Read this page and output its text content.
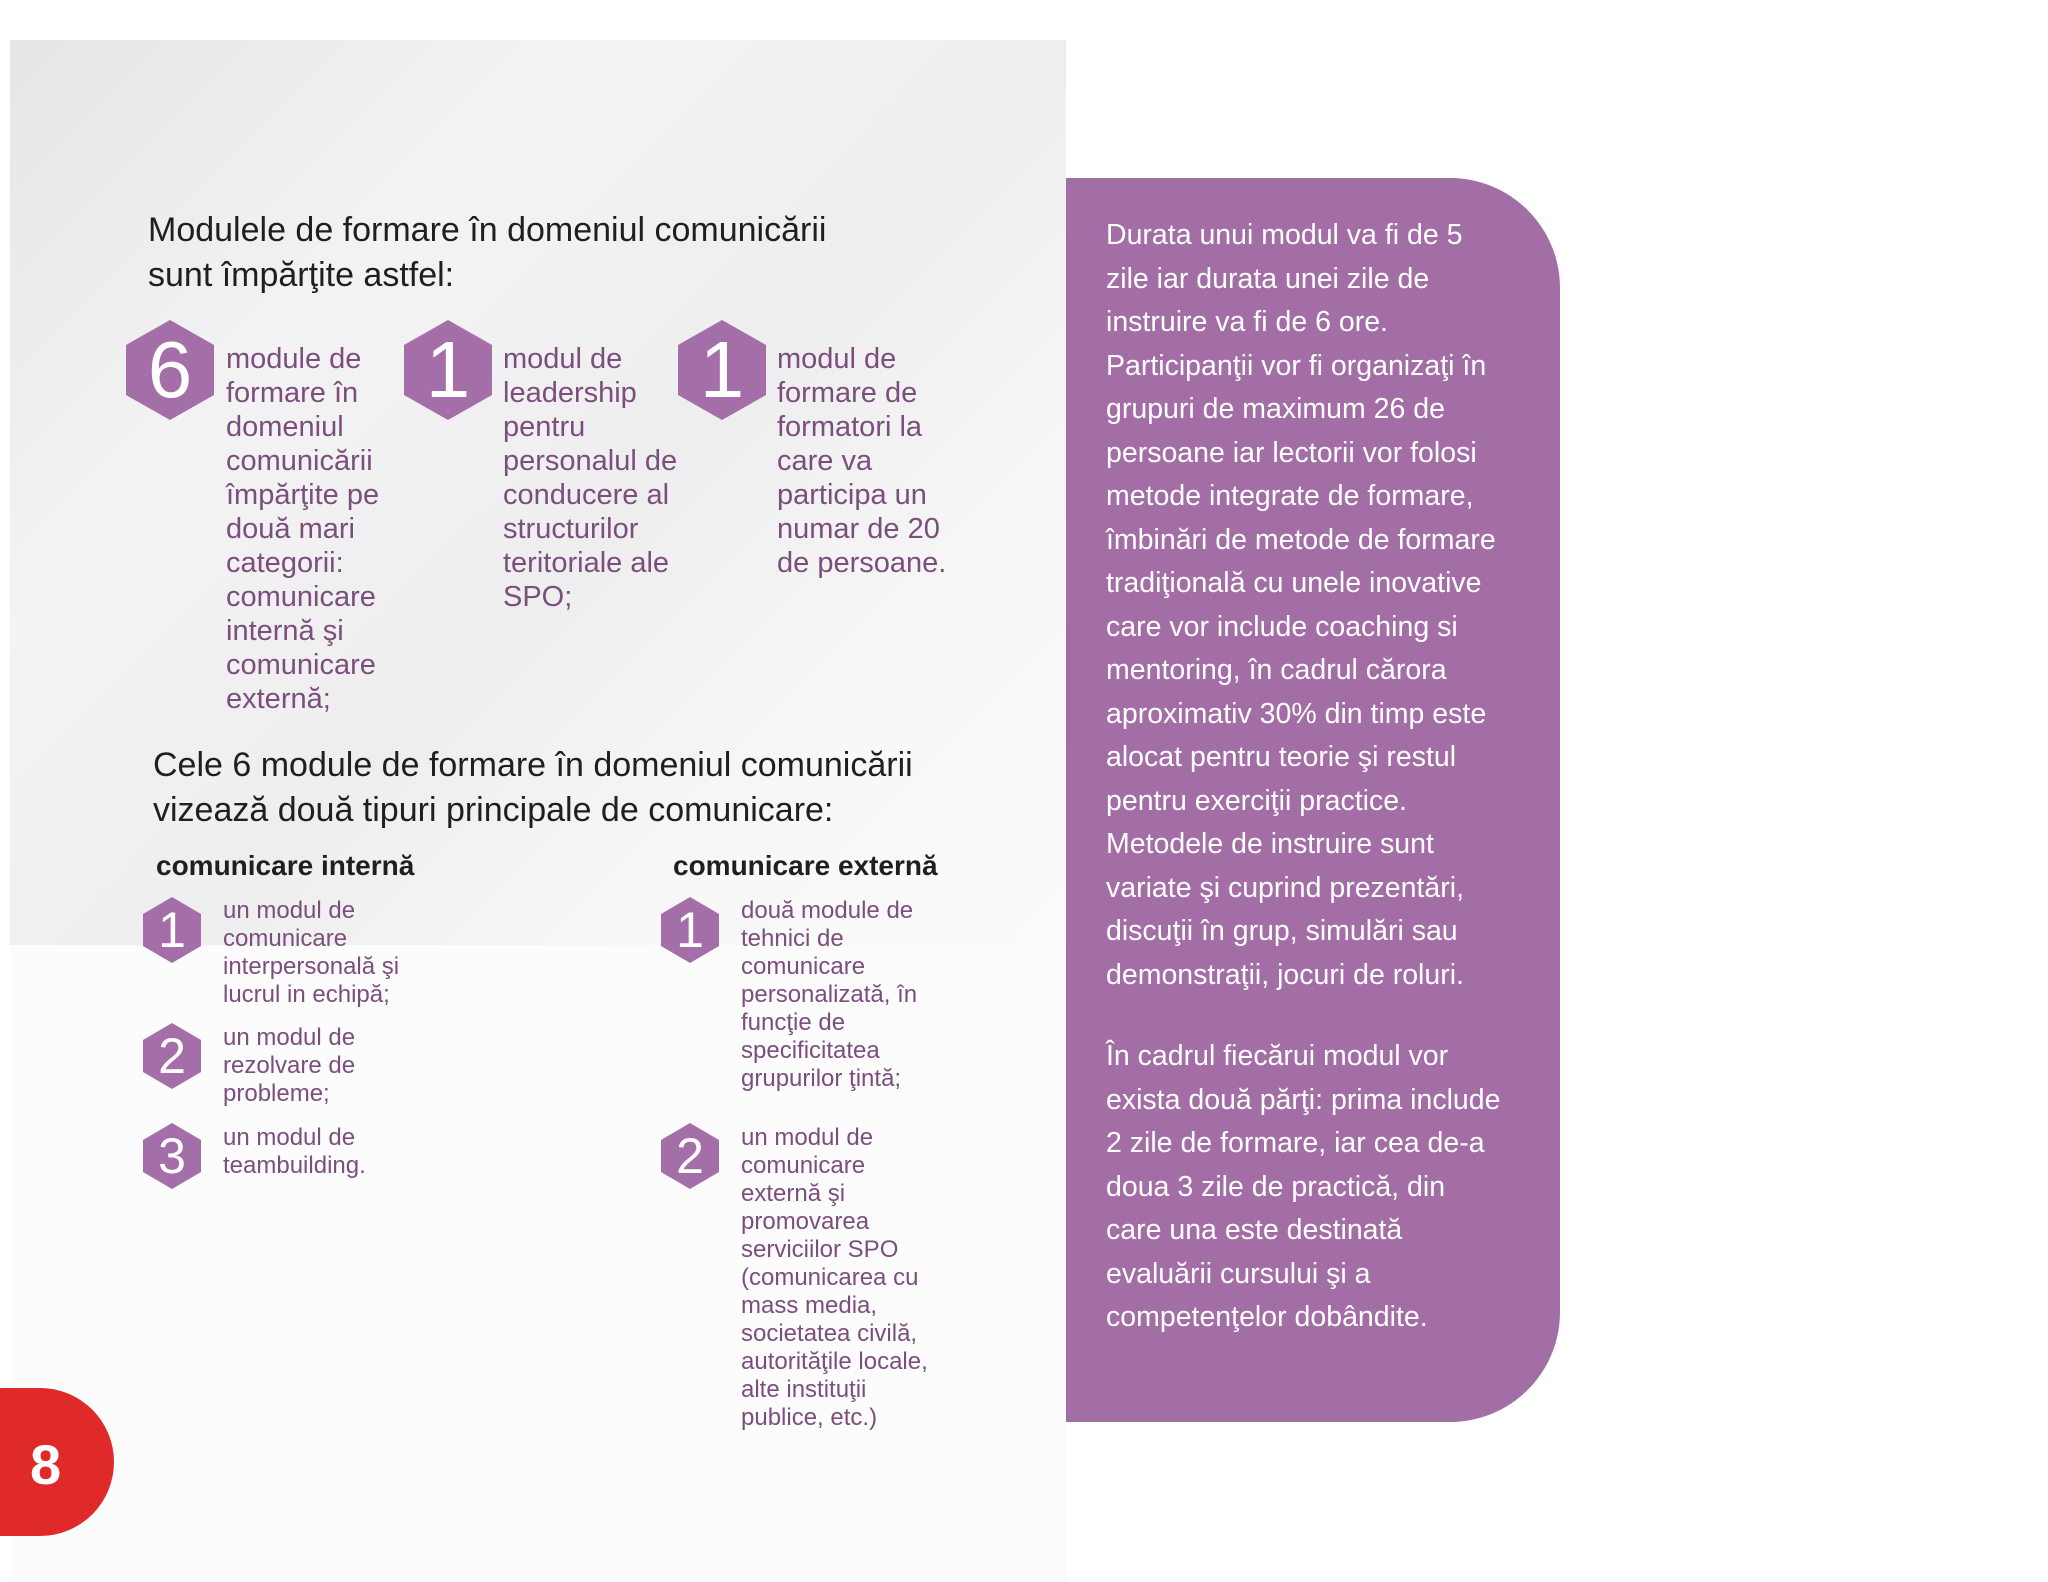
Modulele de formare în domeniul comunicării
sunt împărţite astfel:
6	module de
formare în
domeniul
comunicării
împărţite pe
două mari
categorii:
comunicare
internă şi
comunicare
externă;
1	modul de
leadership
pentru
personalul de
conducere al
structurilor
teritoriale ale
SPO;
1	modul de
formare de
formatori la
care va
participa un
numar de 20
de persoane.
Cele 6 module de formare în domeniul comunicării
vizează două tipuri principale de comunicare:
comunicare internă
1	un modul de
comunicare
interpersonală şi
lucrul in echipă;
2	un modul de
rezolvare de
probleme;
3	un modul de
teambuilding.
comunicare externă
1	două module de
tehnici de
comunicare
personalizată, în
funcţie de
specificitatea
grupurilor ţintă;
2	un modul de
comunicare
externă şi
promovarea
serviciilor SPO
(comunicarea cu
mass media,
societatea civilă,
autorităţile locale,
alte instituţii
publice, etc.)
Durata unui modul va fi de 5
zile iar durata unei zile de
instruire va fi de 6 ore.
Participanţii vor fi organizaţi în
grupuri de maximum 26 de
persoane iar lectorii vor folosi
metode integrate de formare,
îmbinări de metode de formare
tradiţională cu unele inovative
care vor include coaching si
mentoring, în cadrul cărora
aproximativ 30% din timp este
alocat pentru teorie şi restul
pentru exerciţii practice.
Metodele de instruire sunt
variate şi cuprind prezentări,
discuţii în grup, simulări sau
demonstraţii, jocuri de roluri.
În cadrul fiecărui modul vor
exista două părţi: prima include
2 zile de formare, iar cea de-a
doua 3 zile de practică, din
care una este destinată
evaluării cursului şi a
competenţelor dobândite.
8
